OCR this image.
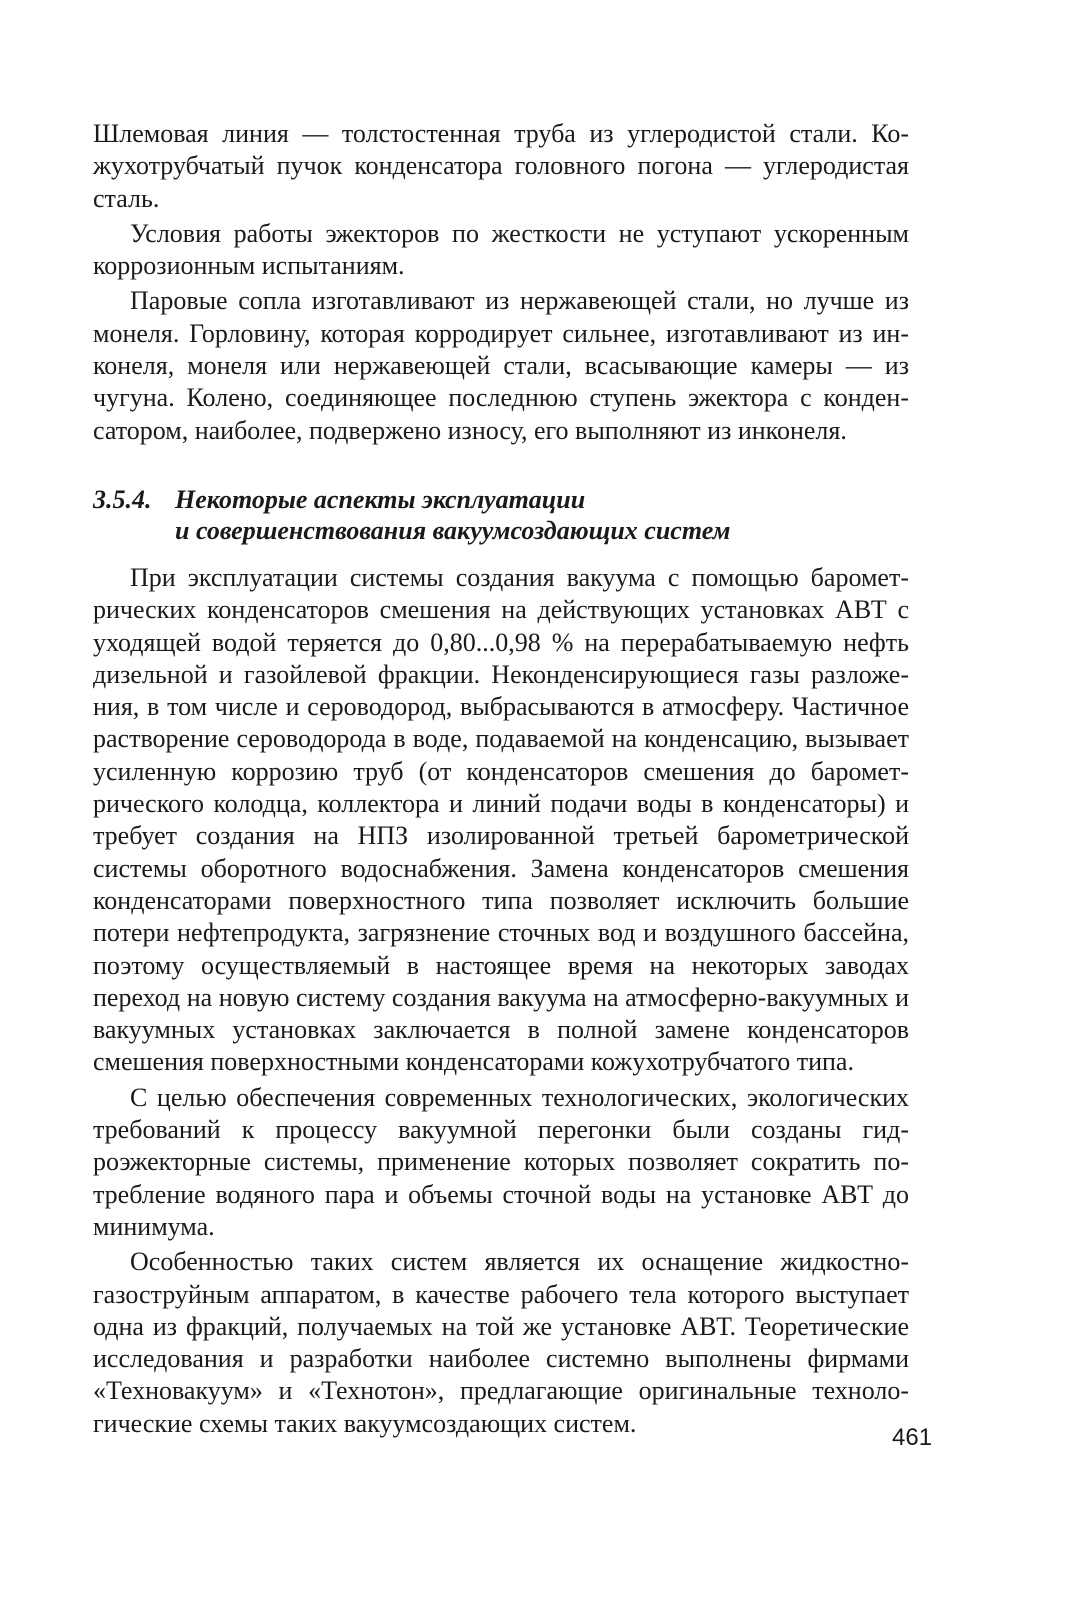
Шлемовая линия — толстостенная труба из углеродистой стали. Кожухотрубчатый пучок конденсатора головного погона — углеродистая сталь.

Условия работы эжекторов по жесткости не уступают ускоренным коррозионным испытаниям.

Паровые сопла изготавливают из нержавеющей стали, но лучше из монеля. Горловину, которая корродирует сильнее, изготавливают из инконеля, монеля или нержавеющей стали, всасывающие камеры — из чугуна. Колено, соединяющее последнюю ступень эжектора с конденсатором, наиболее, подвержено износу, его выполняют из инконеля.

3.5.4. Некоторые аспекты эксплуатации
и совершенствования вакуумсоздающих систем

При эксплуатации системы создания вакуума с помощью барометрических конденсаторов смешения на действующих установках АВТ с уходящей водой теряется до 0,80...0,98 % на перерабатываемую нефть дизельной и газойлевой фракции. Неконденсирующиеся газы разложения, в том числе и сероводород, выбрасываются в атмосферу. Частичное растворение сероводорода в воде, подаваемой на конденсацию, вызывает усиленную коррозию труб (от конденсаторов смешения до барометрического колодца, коллектора и линий подачи воды в конденсаторы) и требует создания на НПЗ изолированной третьей барометрической системы оборотного водоснабжения. Замена конденсаторов смешения конденсаторами поверхностного типа позволяет исключить большие потери нефтепродукта, загрязнение сточных вод и воздушного бассейна, поэтому осуществляемый в настоящее время на некоторых заводах переход на новую систему создания вакуума на атмосферно-вакуумных и вакуумных установках заключается в полной замене конденсаторов смешения поверхностными конденсаторами кожухотрубчатого типа.

С целью обеспечения современных технологических, экологических требований к процессу вакуумной перегонки были созданы гидроэжекторные системы, применение которых позволяет сократить потребление водяного пара и объемы сточной воды на установке АВТ до минимума.

Особенностью таких систем является их оснащение жидкостногазоструйным аппаратом, в качестве рабочего тела которого выступает одна из фракций, получаемых на той же установке АВТ. Теоретические исследования и разработки наиболее системно выполнены фирмами «Техновакуум» и «Технотон», предлагающие оригинальные технологические схемы таких вакуумсоздающих систем.	461
